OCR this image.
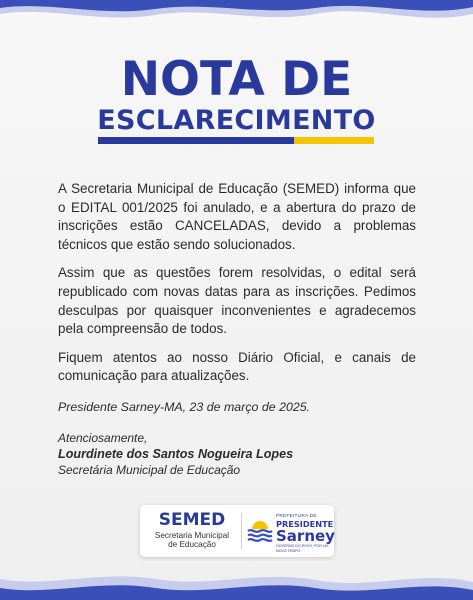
NOTA DE
ESCLARECIMENTO

A Secretaria Municipal de Educação (SEMED) informa que o EDITAL 001/2025 foi anulado, e a abertura do prazo de inscrições estão CANCELADAS, devido a problemas técnicos que estão sendo solucionados.

Assim que as questões forem resolvidas, o edital será republicado com novas datas para as inscrições. Pedimos desculpas por quaisquer inconvenientes e agradecemos pela compreensão de todos.

Fiquem atentos ao nosso Diário Oficial, e canais de comunicação para atualizações.

Presidente Sarney-MA, 23 de março de 2025.
Atenciosamente,
Lourdinete dos Santos Nogueira Lopes
Secretária Municipal de Educação
SEMED
Secretaria Municipal
de Educação
PREFEITURA DE
PRESIDENTE
Sarney
GOVERNO DO POVO, POR UM NOVO TEMPO
